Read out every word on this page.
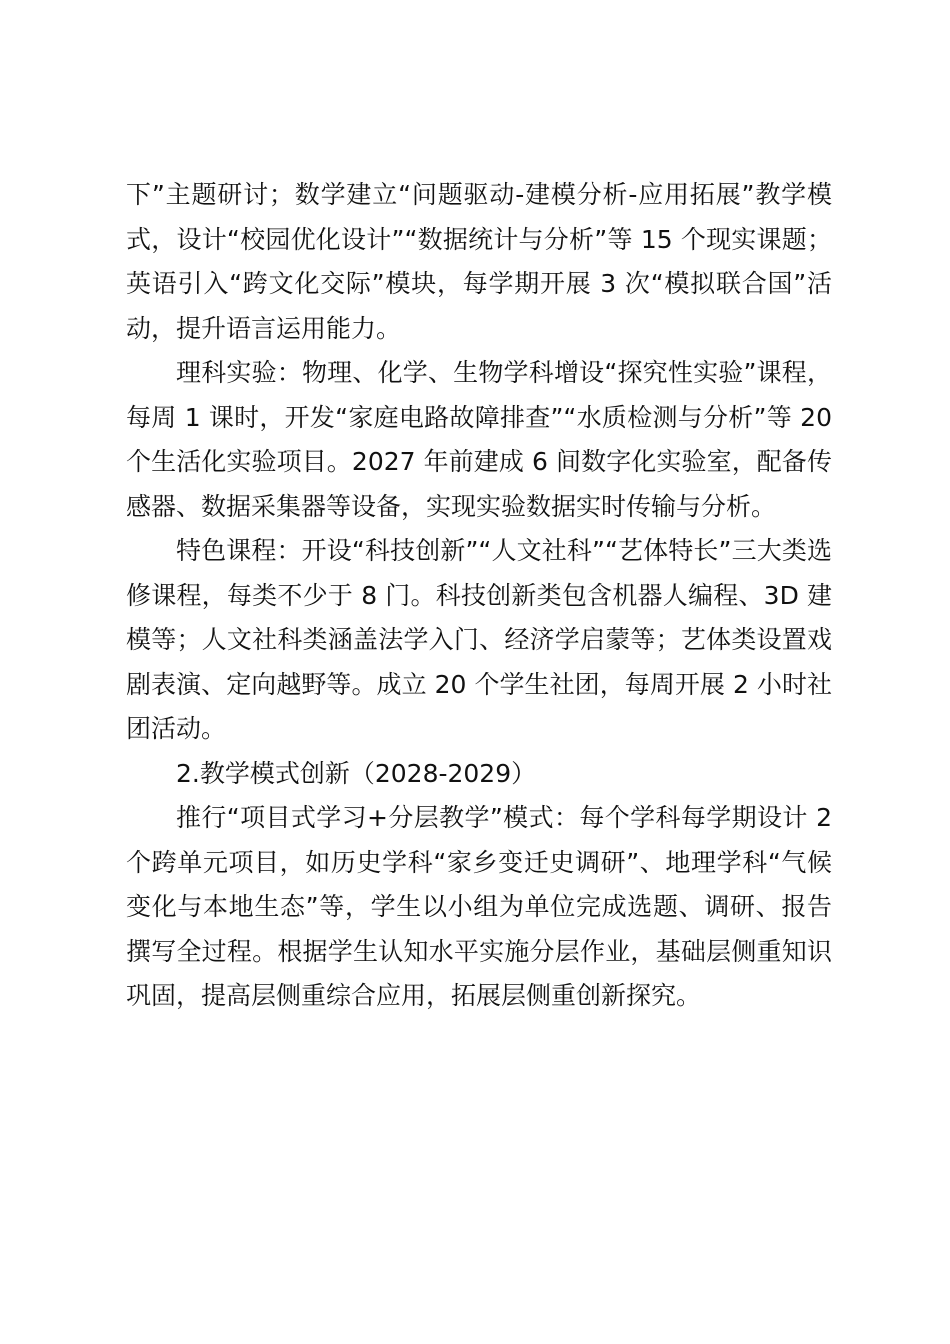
下”主题研讨；数学建立“问题驱动-建模分析-应用拓展”教学模式，设计“校园优化设计”“数据统计与分析”等 15 个现实课题；英语引入“跨文化交际”模块，每学期开展 3 次“模拟联合国”活动，提升语言运用能力。

理科实验：物理、化学、生物学科增设“探究性实验”课程，每周 1 课时，开发“家庭电路故障排查”“水质检测与分析”等 20 个生活化实验项目。2027 年前建成 6 间数字化实验室，配备传感器、数据采集器等设备，实现实验数据实时传输与分析。

特色课程：开设“科技创新”“人文社科”“艺体特长”三大类选修课程，每类不少于 8 门。科技创新类包含机器人编程、3D 建模等；人文社科类涵盖法学入门、经济学启蒙等；艺体类设置戏剧表演、定向越野等。成立 20 个学生社团，每周开展 2 小时社团活动。

2.教学模式创新（2028-2029）

推行“项目式学习+分层教学”模式：每个学科每学期设计 2 个跨单元项目，如历史学科“家乡变迁史调研”、地理学科“气候变化与本地生态”等，学生以小组为单位完成选题、调研、报告撰写全过程。根据学生认知水平实施分层作业，基础层侧重知识巩固，提高层侧重综合应用，拓展层侧重创新探究。
